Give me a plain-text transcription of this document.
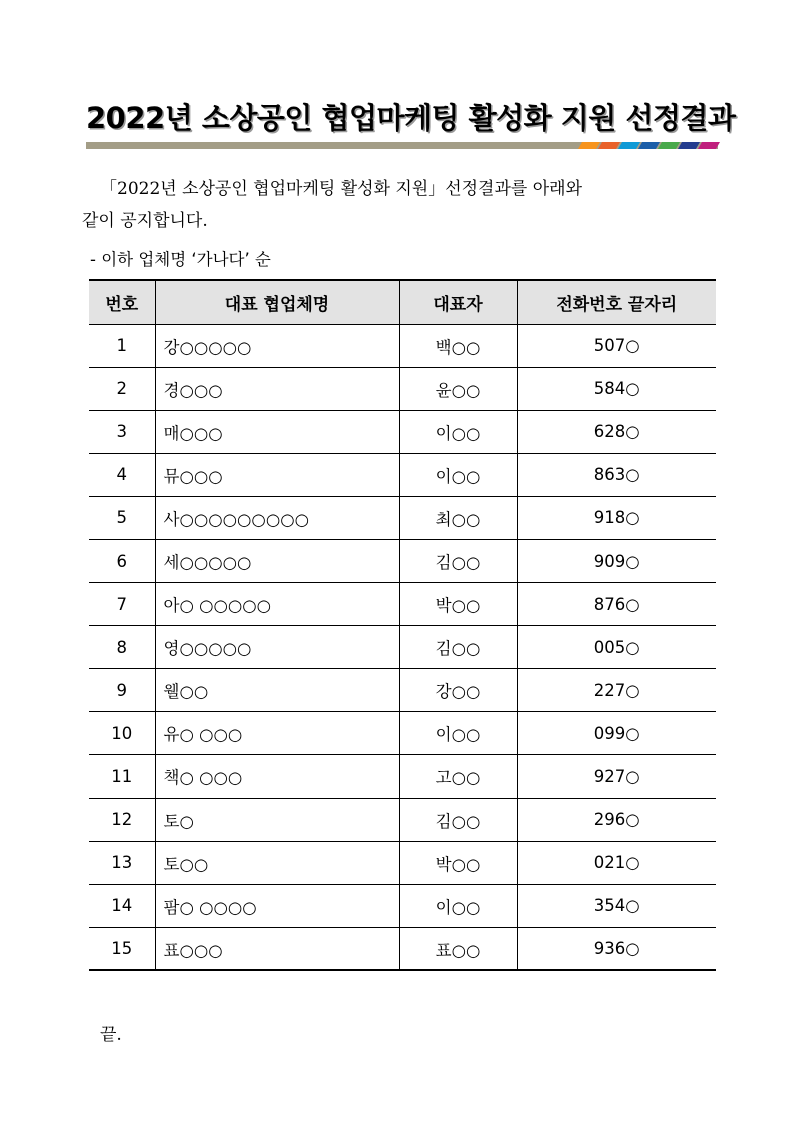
2022년 소상공인 협업마케팅 활성화 지원 선정결과
「2022년 소상공인 협업마케팅 활성화 지원」선정결과를 아래와
같이 공지합니다.
- 이하 업체명 ‘가나다’ 순
번호	대표 협업체명	대표자	전화번호 끝자리
1	강○○○○○	백○○	507○
2	경○○○	윤○○	584○
3	매○○○	이○○	628○
4	뮤○○○	이○○	863○
5	사○○○○○○○○○	최○○	918○
6	세○○○○○	김○○	909○
7	아○ ○○○○○	박○○	876○
8	영○○○○○	김○○	005○
9	웰○○	강○○	227○
10	유○ ○○○	이○○	099○
11	책○ ○○○	고○○	927○
12	토○	김○○	296○
13	토○○	박○○	021○
14	팜○ ○○○○	이○○	354○
15	표○○○	표○○	936○
끝.
